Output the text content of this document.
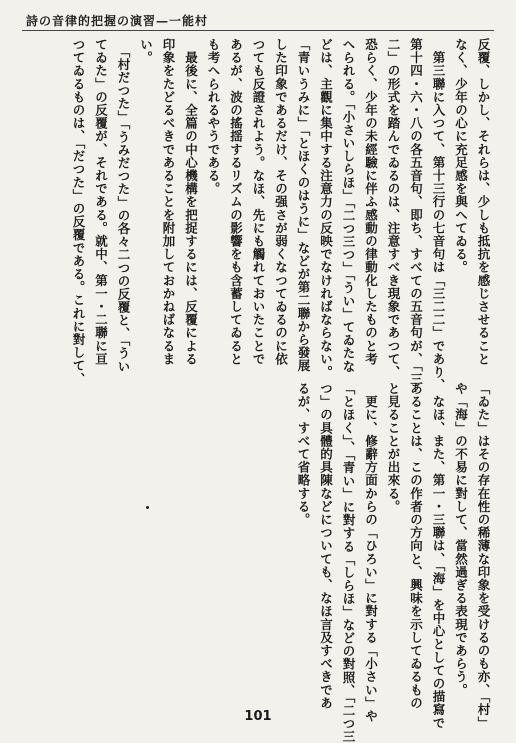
詩の音律的把握の演習—一能村

反覆、しかし、それらは、少しも抵抗を感じさせること

なく、少年の心に充足感を與へてゐる。

　第三聯に入つて、第十三行の七音句は「三二二」であり、

第十四・六・八の各五音句、即ち、すべての五音句が、「三

二」の形式を踏んでゐるのは、注意すべき現象であつて、

恐らく、少年の未經驗に伴ふ感動の律動化したものと考

へられる。「小さいしらほ」「二つ三つ」「うい」てゐたな

どは、主觀に集中する注意力の反映でなければならない。

「青いうみに」「とほくのはうに」などが第二聯から發展

した印象であるだけ、その强さが弱くなつてゐるのに依

つても反證されよう。なほ、先にも觸れておいたことで

あるが、波の搖揺するリズムの影響をも含蓄してゐると

も考へられるやうである。

　最後に、全篇の中心機構を把捉するには、反覆による

印象をたどるべきであることを附加しておかねばなるま

い。

　「村だつた」「うみだつた」の各々二つの反覆と、「うい

てゐた」の反覆が、それである。就中、第一・二聯に亘

つてゐるものは、「だつた」の反覆である。これに對して、

「ゐた」はその存在性の稀薄な印象を受けるのも亦、「村」

や「海」の不易に對して、當然過ぎる表現であらう。

　なほ、また、第一・三聯は、「海」を中心としての描寫で

あることは、この作者の方向と、興味を示してゐるもの

と見ることが出來る。

　更に、修辭方面からの「ひろい」に對する「小さい」や

「とほく」、「青い」に對する「しらほ」などの對照、「二つ三

つ」の具體的具陳などについても、なほ言及すべきであ

るが、すべて省略する。

101
